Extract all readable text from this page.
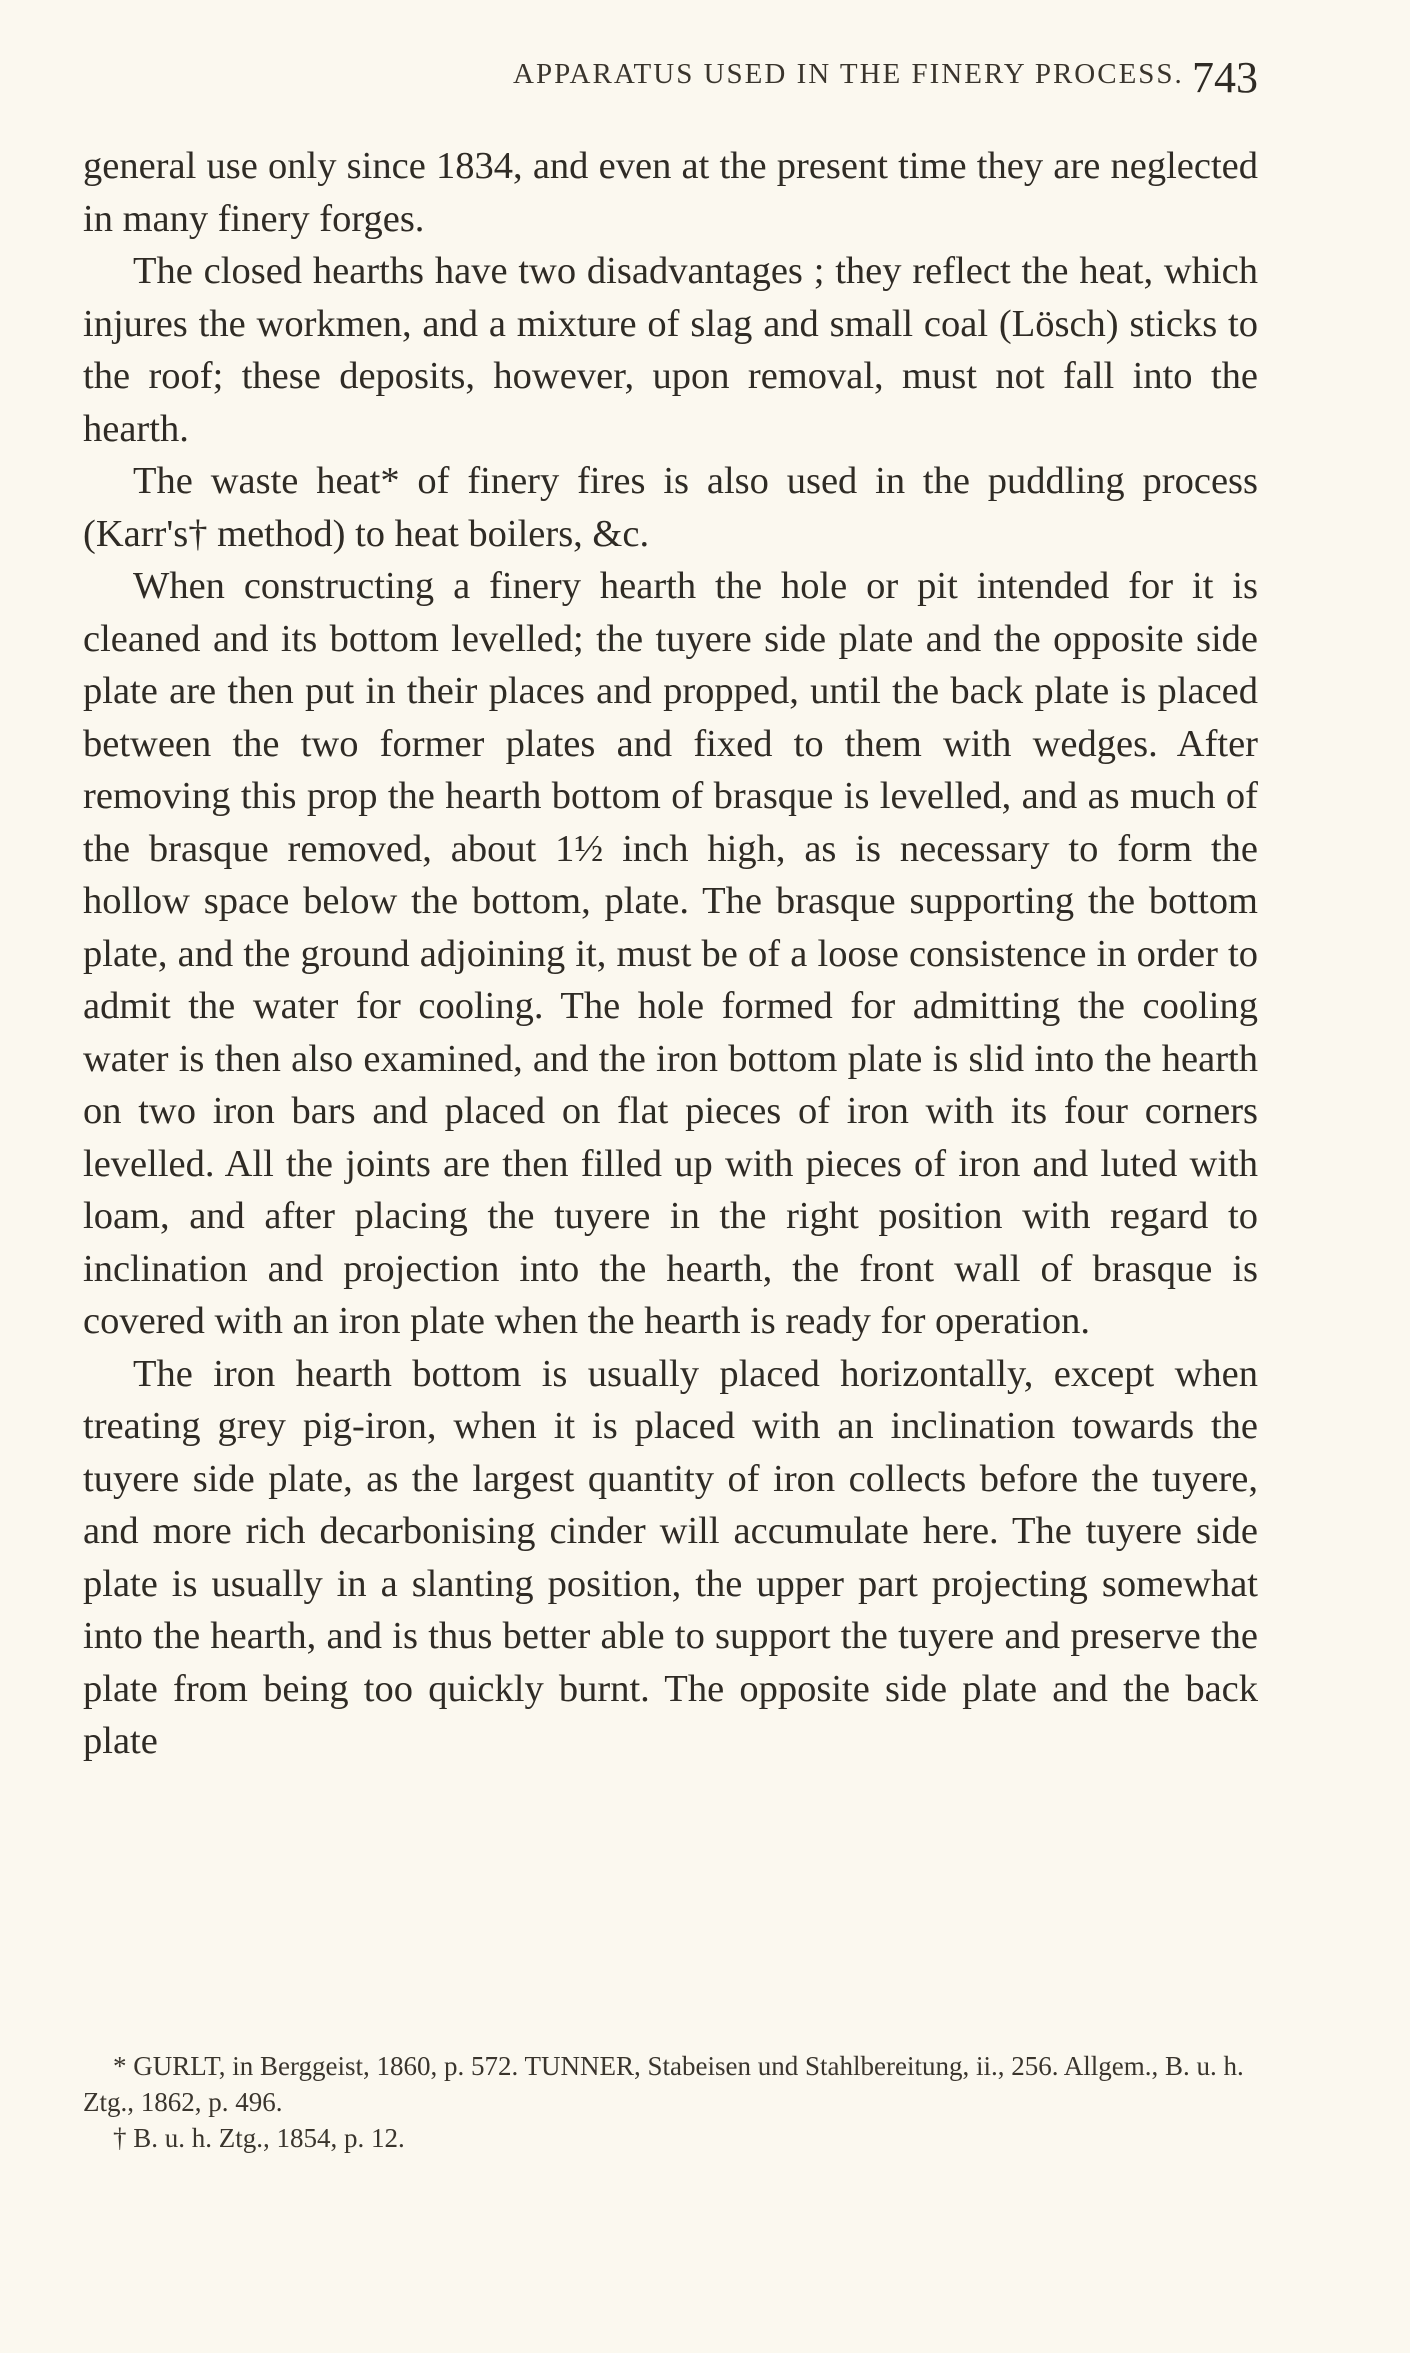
APPARATUS USED IN THE FINERY PROCESS. 743

general use only since 1834, and even at the present time they are neglected in many finery forges.

The closed hearths have two disadvantages ; they reflect the heat, which injures the workmen, and a mixture of slag and small coal (Lösch) sticks to the roof; these deposits, however, upon removal, must not fall into the hearth.

The waste heat* of finery fires is also used in the puddling process (Karr's† method) to heat boilers, &c.

When constructing a finery hearth the hole or pit intended for it is cleaned and its bottom levelled; the tuyere side plate and the opposite side plate are then put in their places and propped, until the back plate is placed between the two former plates and fixed to them with wedges. After removing this prop the hearth bottom of brasque is levelled, and as much of the brasque removed, about 1½ inch high, as is necessary to form the hollow space below the bottom, plate. The brasque supporting the bottom plate, and the ground adjoining it, must be of a loose consistence in order to admit the water for cooling. The hole formed for admitting the cooling water is then also examined, and the iron bottom plate is slid into the hearth on two iron bars and placed on flat pieces of iron with its four corners levelled. All the joints are then filled up with pieces of iron and luted with loam, and after placing the tuyere in the right position with regard to inclination and projection into the hearth, the front wall of brasque is covered with an iron plate when the hearth is ready for operation.

The iron hearth bottom is usually placed horizontally, except when treating grey pig-iron, when it is placed with an inclination towards the tuyere side plate, as the largest quantity of iron collects before the tuyere, and more rich decarbonising cinder will accumulate here. The tuyere side plate is usually in a slanting position, the upper part projecting somewhat into the hearth, and is thus better able to support the tuyere and preserve the plate from being too quickly burnt. The opposite side plate and the back plate

* GURLT, in Berggeist, 1860, p. 572. TUNNER, Stabeisen und Stahlbereitung, ii., 256. Allgem., B. u. h. Ztg., 1862, p. 496.

† B. u. h. Ztg., 1854, p. 12.
